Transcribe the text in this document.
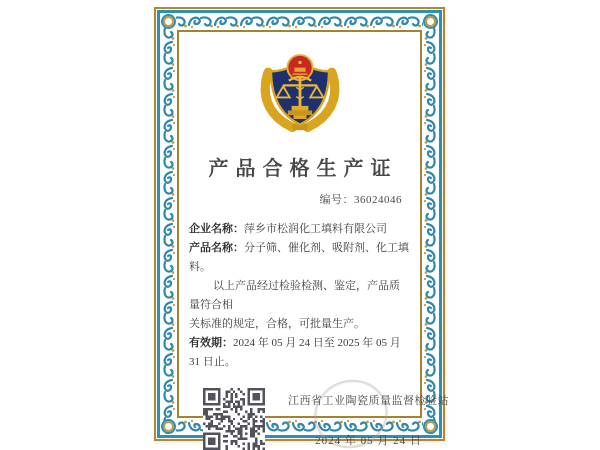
产品合格生产证
编号：36024046
企业名称：萍乡市松润化工填料有限公司
产品名称：分子筛、催化剂、吸附剂、化工填料。
以上产品经过检验检测、鉴定，产品质量符合相
关标准的规定，合格，可批量生产。
有效期：2024 年 05 月 24 日至 2025 年 05 月 31 日止。
江西省工业陶瓷质量监督检验站
2024 年 05 月 24 日
